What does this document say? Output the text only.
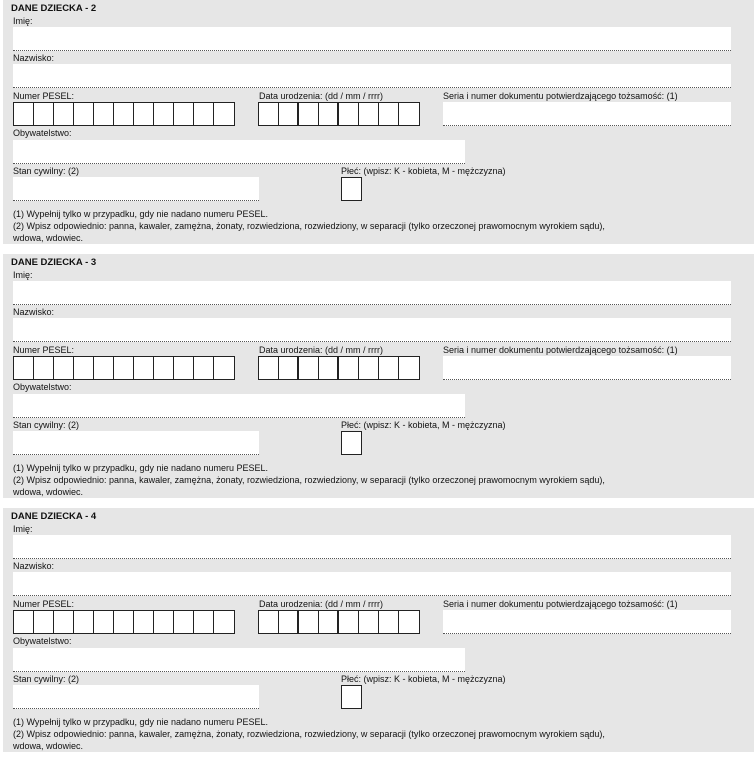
DANE DZIECKA - 2
Imię:
Nazwisko:
Numer PESEL:	Data urodzenia: (dd / mm / rrrr)	Seria i numer dokumentu potwierdzającego tożsamość: (1)
Obywatelstwo:
Stan cywilny: (2)	Płeć: (wpisz: K - kobieta, M - mężczyzna)
(1) Wypełnij tylko w przypadku, gdy nie nadano numeru PESEL.
(2) Wpisz odpowiednio: panna, kawaler, zamężna, żonaty, rozwiedziona, rozwiedziony, w separacji (tylko orzeczonej prawomocnym wyrokiem sądu),
wdowa, wdowiec.
DANE DZIECKA - 3
Imię:
Nazwisko:
Numer PESEL:	Data urodzenia: (dd / mm / rrrr)	Seria i numer dokumentu potwierdzającego tożsamość: (1)
Obywatelstwo:
Stan cywilny: (2)	Płeć: (wpisz: K - kobieta, M - mężczyzna)
(1) Wypełnij tylko w przypadku, gdy nie nadano numeru PESEL.
(2) Wpisz odpowiednio: panna, kawaler, zamężna, żonaty, rozwiedziona, rozwiedziony, w separacji (tylko orzeczonej prawomocnym wyrokiem sądu),
wdowa, wdowiec.
DANE DZIECKA - 4
Imię:
Nazwisko:
Numer PESEL:	Data urodzenia: (dd / mm / rrrr)	Seria i numer dokumentu potwierdzającego tożsamość: (1)
Obywatelstwo:
Stan cywilny: (2)	Płeć: (wpisz: K - kobieta, M - mężczyzna)
(1) Wypełnij tylko w przypadku, gdy nie nadano numeru PESEL.
(2) Wpisz odpowiednio: panna, kawaler, zamężna, żonaty, rozwiedziona, rozwiedziony, w separacji (tylko orzeczonej prawomocnym wyrokiem sądu),
wdowa, wdowiec.
